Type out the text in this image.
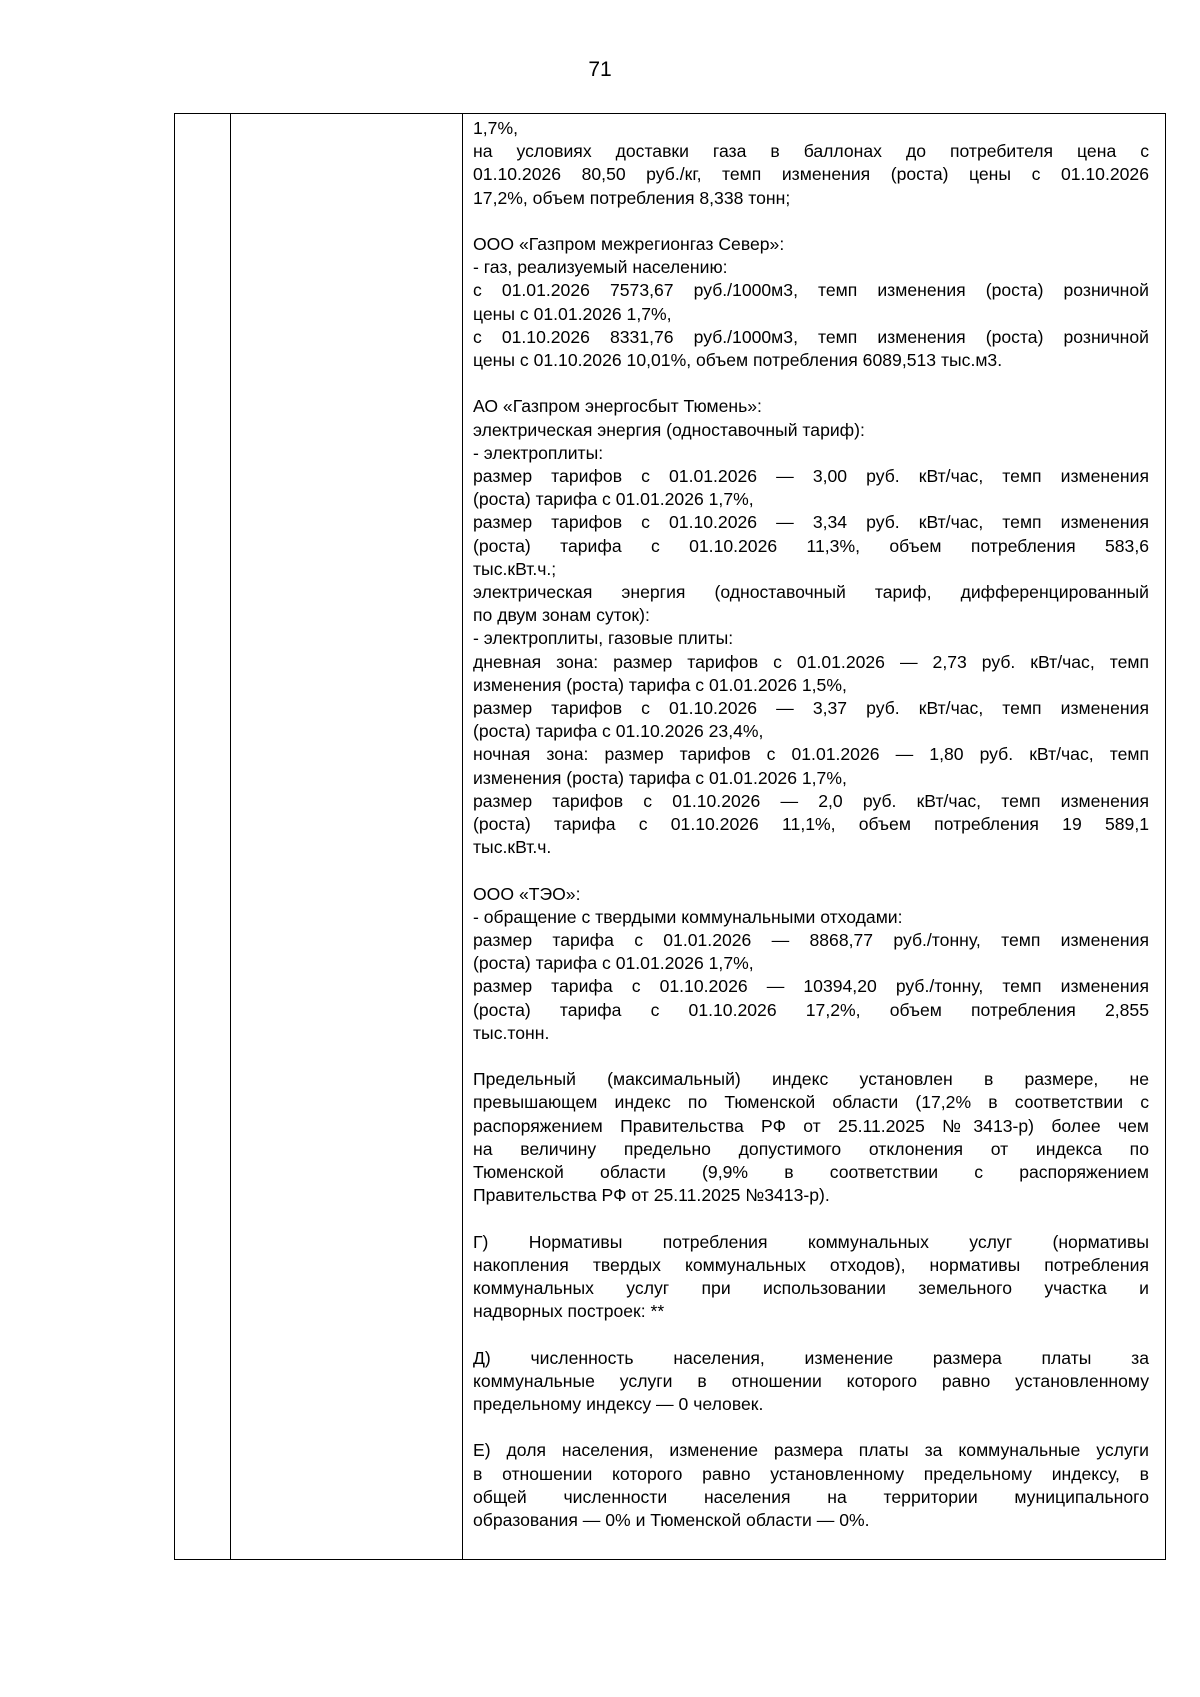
71

1,7%,
на условиях доставки газа в баллонах до потребителя цена с
01.10.2026 80,50 руб./кг, темп изменения (роста) цены с 01.10.2026
17,2%, объем потребления 8,338 тонн;

ООО «Газпром межрегионгаз Север»:
- газ, реализуемый населению:
с 01.01.2026 7573,67 руб./1000м3, темп изменения (роста) розничной
цены с 01.01.2026 1,7%,
с 01.10.2026 8331,76 руб./1000м3, темп изменения (роста) розничной
цены с 01.10.2026 10,01%, объем потребления 6089,513 тыс.м3.

АО «Газпром энергосбыт Тюмень»:
электрическая энергия (одноставочный тариф):
- электроплиты:
размер тарифов с 01.01.2026 — 3,00 руб. кВт/час, темп изменения
(роста) тарифа с 01.01.2026 1,7%,
размер тарифов с 01.10.2026 — 3,34 руб. кВт/час, темп изменения
(роста) тарифа с 01.10.2026 11,3%, объем потребления 583,6
тыс.кВт.ч.;
электрическая энергия (одноставочный тариф, дифференцированный
по двум зонам суток):
- электроплиты, газовые плиты:
дневная зона: размер тарифов с 01.01.2026 — 2,73 руб. кВт/час, темп
изменения (роста) тарифа с 01.01.2026 1,5%,
размер тарифов с 01.10.2026 — 3,37 руб. кВт/час, темп изменения
(роста) тарифа с 01.10.2026 23,4%,
ночная зона: размер тарифов с 01.01.2026 — 1,80 руб. кВт/час, темп
изменения (роста) тарифа с 01.01.2026 1,7%,
размер тарифов с 01.10.2026 — 2,0 руб. кВт/час, темп изменения
(роста) тарифа с 01.10.2026 11,1%, объем потребления 19 589,1
тыс.кВт.ч.

ООО «ТЭО»:
- обращение с твердыми коммунальными отходами:
размер тарифа с 01.01.2026 — 8868,77 руб./тонну, темп изменения
(роста) тарифа с 01.01.2026 1,7%,
размер тарифа с 01.10.2026 — 10394,20 руб./тонну, темп изменения
(роста) тарифа с 01.10.2026 17,2%, объем потребления 2,855
тыс.тонн.

Предельный (максимальный) индекс установлен в размере, не
превышающем индекс по Тюменской области (17,2% в соответствии с
распоряжением Правительства РФ от 25.11.2025 №3413-р) более чем
на величину предельно допустимого отклонения от индекса по
Тюменской области (9,9% в соответствии с распоряжением
Правительства РФ от 25.11.2025 №3413-р).

Г) Нормативы потребления коммунальных услуг (нормативы
накопления твердых коммунальных отходов), нормативы потребления
коммунальных услуг при использовании земельного участка и
надворных построек: **

Д) численность населения, изменение размера платы за
коммунальные услуги в отношении которого равно установленному
предельному индексу — 0 человек.

Е) доля населения, изменение размера платы за коммунальные услуги
в отношении которого равно установленному предельному индексу, в
общей численности населения на территории муниципального
образования — 0% и Тюменской области — 0%.
